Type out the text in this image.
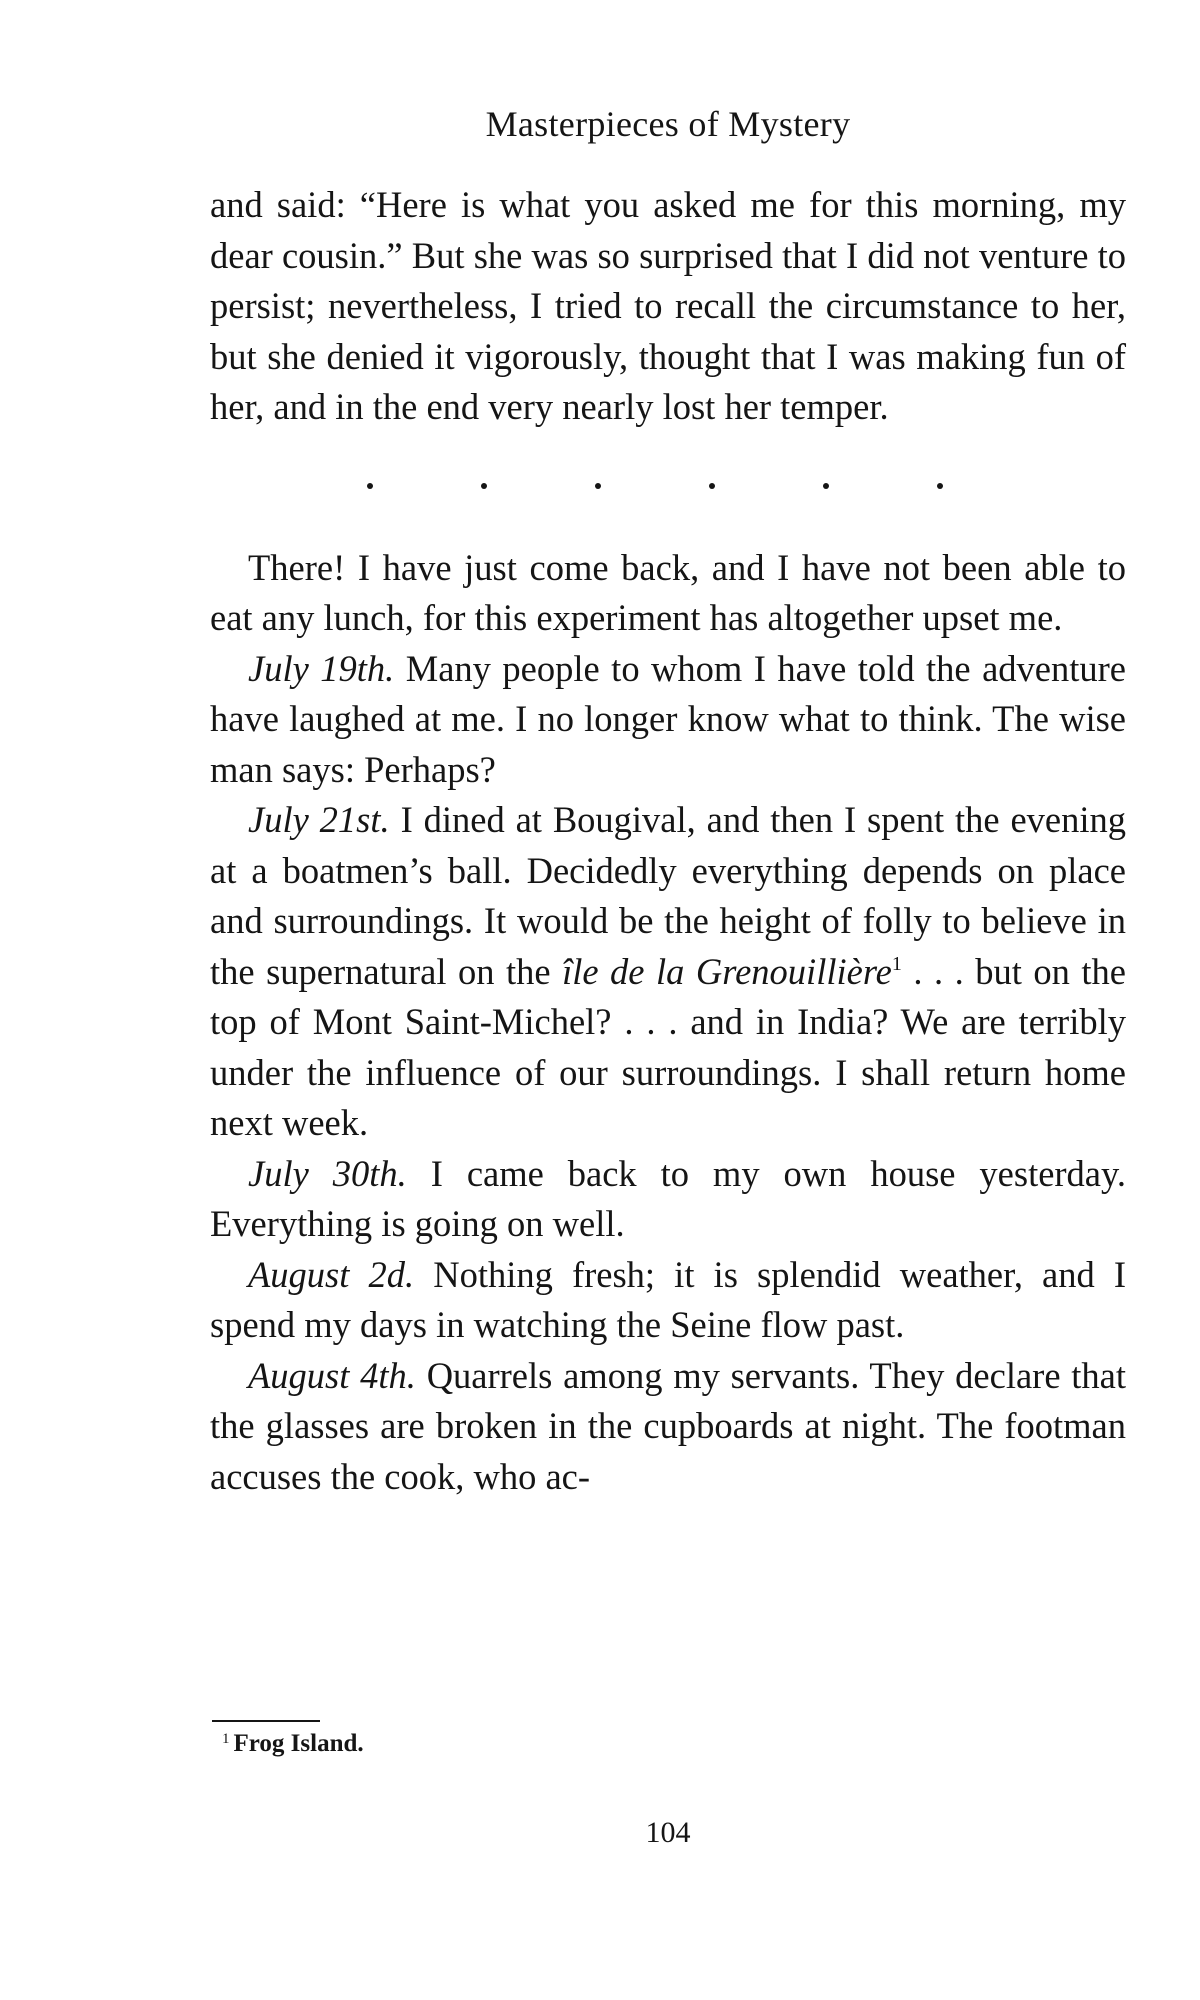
Masterpieces of Mystery

and said: “Here is what you asked me for this morning, my dear cousin.” But she was so surprised that I did not venture to persist; nevertheless, I tried to recall the circumstance to her, but she denied it vigorously, thought that I was making fun of her, and in the end very nearly lost her temper.

There! I have just come back, and I have not been able to eat any lunch, for this experiment has altogether upset me.

July 19th. Many people to whom I have told the adventure have laughed at me. I no longer know what to think. The wise man says: Perhaps?

July 21st. I dined at Bougival, and then I spent the evening at a boatmen’s ball. Decidedly everything depends on place and surroundings. It would be the height of folly to believe in the supernatural on the île de la Grenouillière$^1$ . . . but on the top of Mont Saint-Michel? . . . and in India? We are terribly under the influence of our surroundings. I shall return home next week.

July 30th. I came back to my own house yesterday. Everything is going on well.

August 2d. Nothing fresh; it is splendid weather, and I spend my days in watching the Seine flow past.

August 4th. Quarrels among my servants. They declare that the glasses are broken in the cupboards at night. The footman accuses the cook, who ac-

$^1$ Frog Island.
104
